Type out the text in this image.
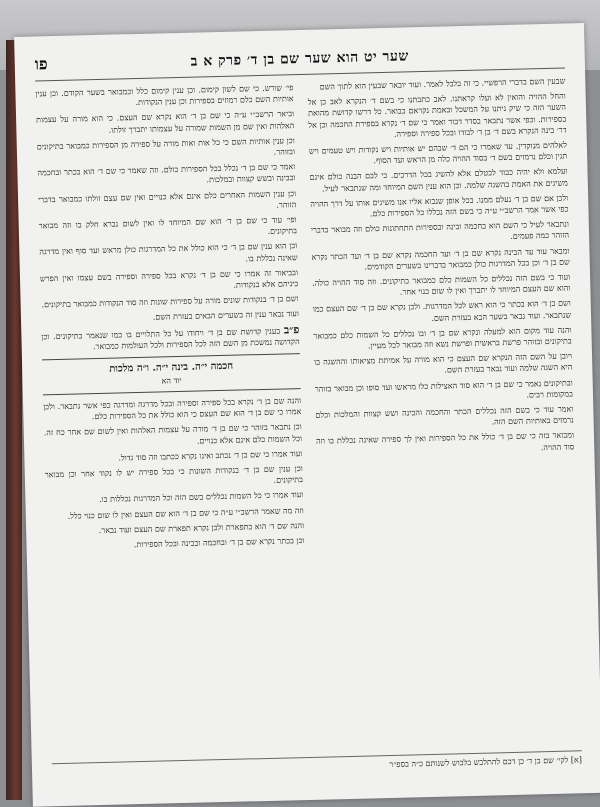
שער יט הוא שער שם בן ד׳ פרק א ב
פו

שבעין השם בדברי הרפשיי. כי זה בלבל לאמר. ועוד יובאר שבעין הוא לתוך השם

והחל ההויה והואין לא ועלו קראתנו. לאב כתבתנו כי בשם ד׳ הנקרא לאב כן אל השער הזה כי שיק ניתנו על המשכל ובאמת נקראם בבואר. כל דרשו קדושת מהואת בספירות. וכפי אשר נתבאר בסדר דבור ואמר כי שם ד׳ נקרא בספירת החכמה וכן אל דר׳ בינה הנקרא בשם ד׳ בן ד׳ לבודו ובכל ספירה וספירה.

לאלהים מנוקדין. עד שאמרו כי הם ד׳ שבהם יש אותיות ויש נקודות ויש טעמים ויש תגין וכלם נרמזים בשם ד׳ בסוד ההויה כלה מן הראש ועד הסוף.

ועלמא ולא יהיה כבוד לבטלם אלא להשיג בכל הדרכים. כי לבם הבנה כולם אינם משיגים את האמת בהשגה שלמה. וכן הוא ענין השם המיוחד ומה שנתבאר לעיל.

ולכן אם שם בן ד׳ נעלם ממנו. בכל אופן שנבוא אליו אנו משיגים אותו על דרך ההויה כפי אשר אמר הרשב״י ע״ה כי בשם הזה נכללו כל הספירות כלם.

ונתבאר לעיל כי השם הוא בחכמה ובינה ובספירות התחתונות כולם וזה מבואר בדברי הזוהר כמה פעמים.

ומבאר עוד עד הבינה נקרא שם בן ד׳ ועד החכמה נקרא שם בן ד׳ ועד הכתר נקרא שם בן ד׳ וכן בכל המדרגות כולן כמבואר בדברינו בשערים הקודמים.

ועוד כי בשם הזה נכללים כל השמות כלם כמבואר בתיקונים. וזה סוד ההויה כולה. והוא שם העצם המיוחד לו יתברך ואין לו שום כנוי אחר.

ושם בן ד׳ הוא בכתר כי הוא ראש לכל המדרגות. ולכן נקרא שם בן ד׳ שם העצם כמו שנתבאר. ועוד נבאר בשער הבא בעזרת השם.

והנה עוד מקום הוא למעלה ונקרא שם בן ד׳ ובו נכללים כל השמות כלם כמבואר בתיקונים ובזוהר פרשת בראשית ופרשת נשא וזה מבואר לכל מעיין.

ויובן על השם הזה הנקרא שם העצם כי הוא מורה על אמיתת מציאותו וההשגה בו היא השגה שלמה ועוד נבאר בעזרת השם.

ובתיקונים נאמר כי שם בן ד׳ הוא סוד האצילות כלו מראשו ועד סופו וכן מבואר בזוהר במקומות רבים.

ואמר עוד כי בשם הזה נכללים הכתר והחכמה והבינה ושש קצוות והמלכות וכלם נרמזים באותיות השם הזה.

ומבואר בזה כי שם בן ד׳ כולל את כל הספירות ואין לך ספירה שאינה נכללת בו וזה סוד ההויה.

פי׳ שורש. כי שם לשון קימום. וכן ענין קימום כלל וכמבואר בשער הקודם. וכן ענין אותיות השם כלם רמוזים בספירות וכן ענין הנקודות.

וביאר הרשב״י ע״ה כי שם בן ד׳ הוא נקרא שם העצם. כי הוא מורה על עצמות האלהות ואין שם מן השמות שמורה על עצמותו יתברך זולתו.

וכן ענין אותיות השם כי כל אות ואות מורה על ספירה מן הספירות כמבואר בתיקונים ובזוהר.

ואמר כי שם בן ד׳ נכלל בכל הספירות כולם. וזה שאמר כי שם ד׳ הוא בכתר ובחכמה ובבינה ובשש קצוות ובמלכות.

וכן ענין השמות האחרים כלם אינם אלא כנויים ואין שם עצם זולתו כמבואר בדברי הזוהר.

ופי׳ עוד כי שם בן ד׳ הוא שם המיוחד לו ואין לשום נברא חלק בו וזה מבואר בתיקונים.

וכן הוא ענין שם בן ד׳ כי הוא כולל את כל המדרגות כולן מראש ועד סוף ואין מדרגה שאינה נכללת בו.

ובביאור זה אמרו כי שם בן ד׳ נקרא בכל ספירה וספירה בשם עצמו ואין הפרש ביניהם אלא בנקודות.

ושם בן ד׳ בנקודות שונים מורה על ספירות שונות וזה סוד הנקודות כמבואר בתיקונים.

ועוד נבאר ענין זה בשערים הבאים בעזרת השם.

פ״ב בענין קדושת שם בן ד׳ ויחודו על כל התלויים בו כמו שנאמר בתיקונים. וכן הקדושה נמשכת מן השם הזה לכל הספירות ולכל העולמות כמבואר.

חכמה י״ה. בינה י״ה. ו״ה מלכות
יוד הא

והנה שם בן ד׳ נקרא בכל ספירה וספירה ובכל מדרגה ומדרגה כפי אשר נתבאר. ולכן אמרו כי שם בן ד׳ הוא שם העצם כי הוא כולל את כל הספירות כלם.

וכן נתבאר בזוהר כי שם בן ד׳ מורה על עצמות האלהות ואין לשום שם אחר כח זה. וכל השמות כלם אינם אלא כנויים.

ועוד אמרו כי שם בן ד׳ נכתב ואינו נקרא ככתבו וזה סוד גדול.

וכן ענין שם בן ד׳ בנקודות השונות כי בכל ספירה יש לו נקוד אחר וכן מבואר בתיקונים.

ועוד אמרו כי כל השמות נכללים בשם הזה וכל המדרגות נכללות בו.

וזה מה שאמר הרשב״י ע״ה כי שם בן ד׳ הוא שם העצם ואין לו שום כנוי כלל.

והנה שם ד׳ הוא בתפארת ולכן נקרא תפארת שם העצם ועוד נבאר.

וכן בכתר נקרא שם בן ד׳ ובחכמה ובבינה ובכל הספירות.

[א] לקי׳ שם בן ד׳ כן דכם להתלבש בלבוש לשנותם כ״ה בספ״ר
